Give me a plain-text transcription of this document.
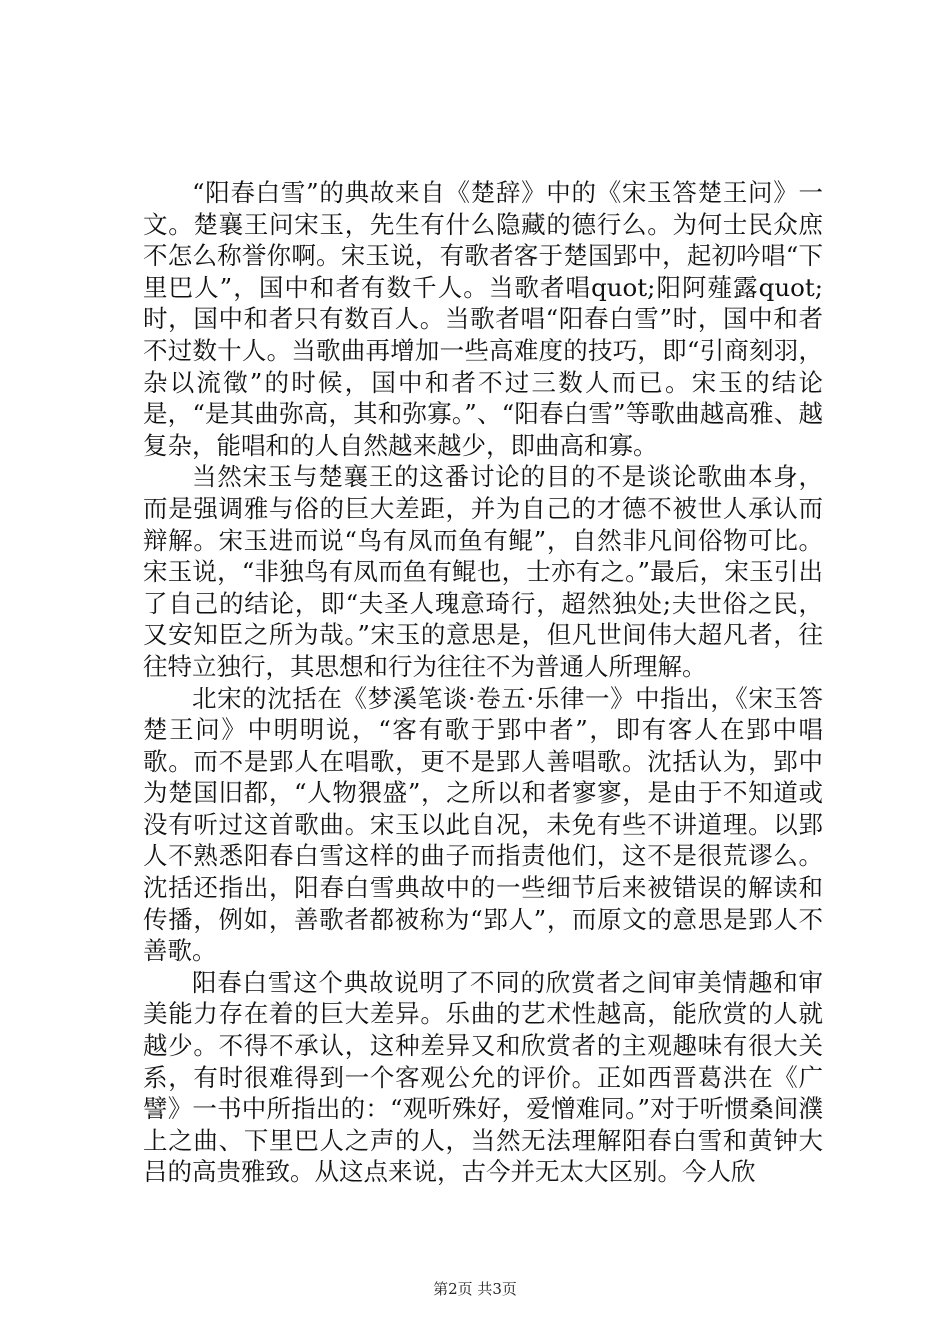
“阳春白雪”的典故来自《楚辞》中的《宋玉答楚王问》一文。楚襄王问宋玉，先生有什么隐藏的德行么。为何士民众庶不怎么称誉你啊。宋玉说，有歌者客于楚国郢中，起初吟唱“下里巴人”，国中和者有数千人。当歌者唱quot;阳阿薤露quot;时，国中和者只有数百人。当歌者唱“阳春白雪”时，国中和者不过数十人。当歌曲再增加一些高难度的技巧，即“引商刻羽，杂以流徵”的时候，国中和者不过三数人而已。宋玉的结论是，“是其曲弥高，其和弥寡。”、“阳春白雪”等歌曲越高雅、越复杂，能唱和的人自然越来越少，即曲高和寡。

当然宋玉与楚襄王的这番讨论的目的不是谈论歌曲本身，而是强调雅与俗的巨大差距，并为自己的才德不被世人承认而辩解。宋玉进而说“鸟有凤而鱼有鲲”，自然非凡间俗物可比。宋玉说，“非独鸟有凤而鱼有鲲也，士亦有之。”最后，宋玉引出了自己的结论，即“夫圣人瑰意琦行，超然独处;夫世俗之民，又安知臣之所为哉。”宋玉的意思是，但凡世间伟大超凡者，往往特立独行，其思想和行为往往不为普通人所理解。

北宋的沈括在《梦溪笔谈·卷五·乐律一》中指出，《宋玉答楚王问》中明明说，“客有歌于郢中者”，即有客人在郢中唱歌。而不是郢人在唱歌，更不是郢人善唱歌。沈括认为，郢中为楚国旧都，“人物猥盛”，之所以和者寥寥，是由于不知道或没有听过这首歌曲。宋玉以此自况，未免有些不讲道理。以郢人不熟悉阳春白雪这样的曲子而指责他们，这不是很荒谬么。沈括还指出，阳春白雪典故中的一些细节后来被错误的解读和传播，例如，善歌者都被称为“郢人”，而原文的意思是郢人不善歌。

阳春白雪这个典故说明了不同的欣赏者之间审美情趣和审美能力存在着的巨大差异。乐曲的艺术性越高，能欣赏的人就越少。不得不承认，这种差异又和欣赏者的主观趣味有很大关系，有时很难得到一个客观公允的评价。正如西晋葛洪在《广譬》一书中所指出的：“观听殊好，爱憎难同。”对于听惯桑间濮上之曲、下里巴人之声的人，当然无法理解阳春白雪和黄钟大吕的高贵雅致。从这点来说，古今并无太大区别。今人欣

第2页 共3页
